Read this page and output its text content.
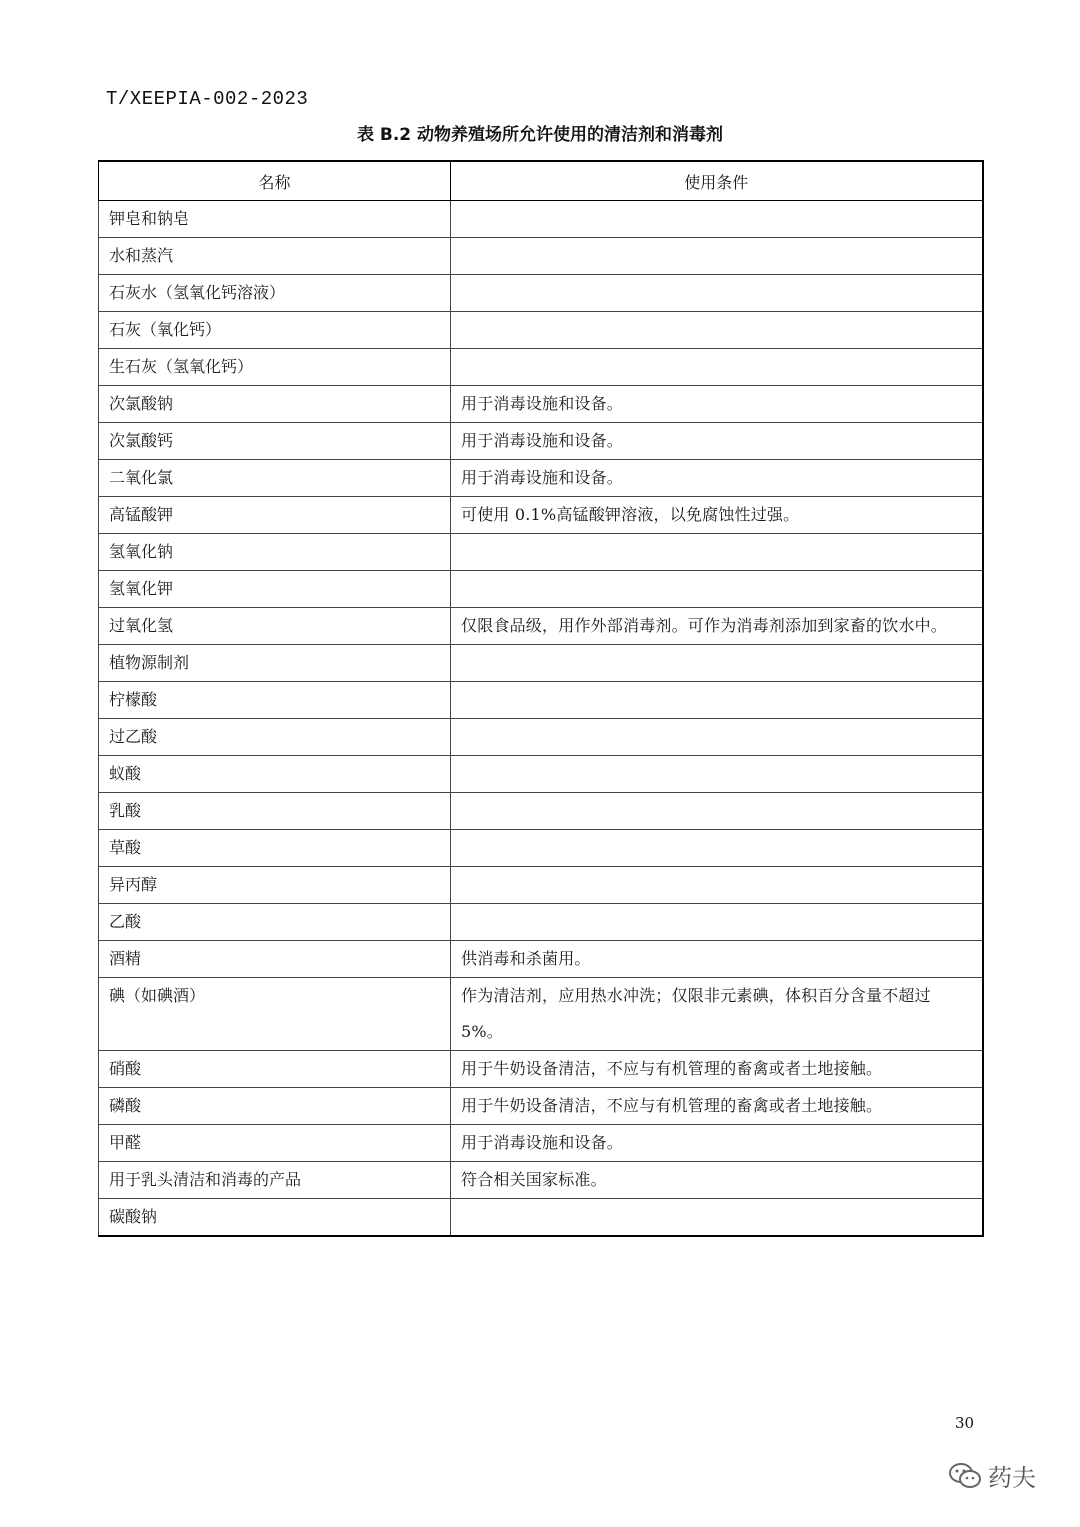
T/XEEPIA-002-2023
表 B.2 动物养殖场所允许使用的清洁剂和消毒剂
名称	使用条件
钾皂和钠皂	
水和蒸汽	
石灰水（氢氧化钙溶液）	
石灰（氧化钙）	
生石灰（氢氧化钙）	
次氯酸钠	用于消毒设施和设备。
次氯酸钙	用于消毒设施和设备。
二氧化氯	用于消毒设施和设备。
高锰酸钾	可使用 0.1%高锰酸钾溶液，以免腐蚀性过强。
氢氧化钠	
氢氧化钾	
过氧化氢	仅限食品级，用作外部消毒剂。可作为消毒剂添加到家畜的饮水中。
植物源制剂	
柠檬酸	
过乙酸	
蚁酸	
乳酸	
草酸	
异丙醇	
乙酸	
酒精	供消毒和杀菌用。
碘（如碘酒）	作为清洁剂，应用热水冲洗；仅限非元素碘，体积百分含量不超过 5%。
硝酸	用于牛奶设备清洁，不应与有机管理的畜禽或者土地接触。
磷酸	用于牛奶设备清洁，不应与有机管理的畜禽或者土地接触。
甲醛	用于消毒设施和设备。
用于乳头清洁和消毒的产品	符合相关国家标准。
碳酸钠	
30
药夫
